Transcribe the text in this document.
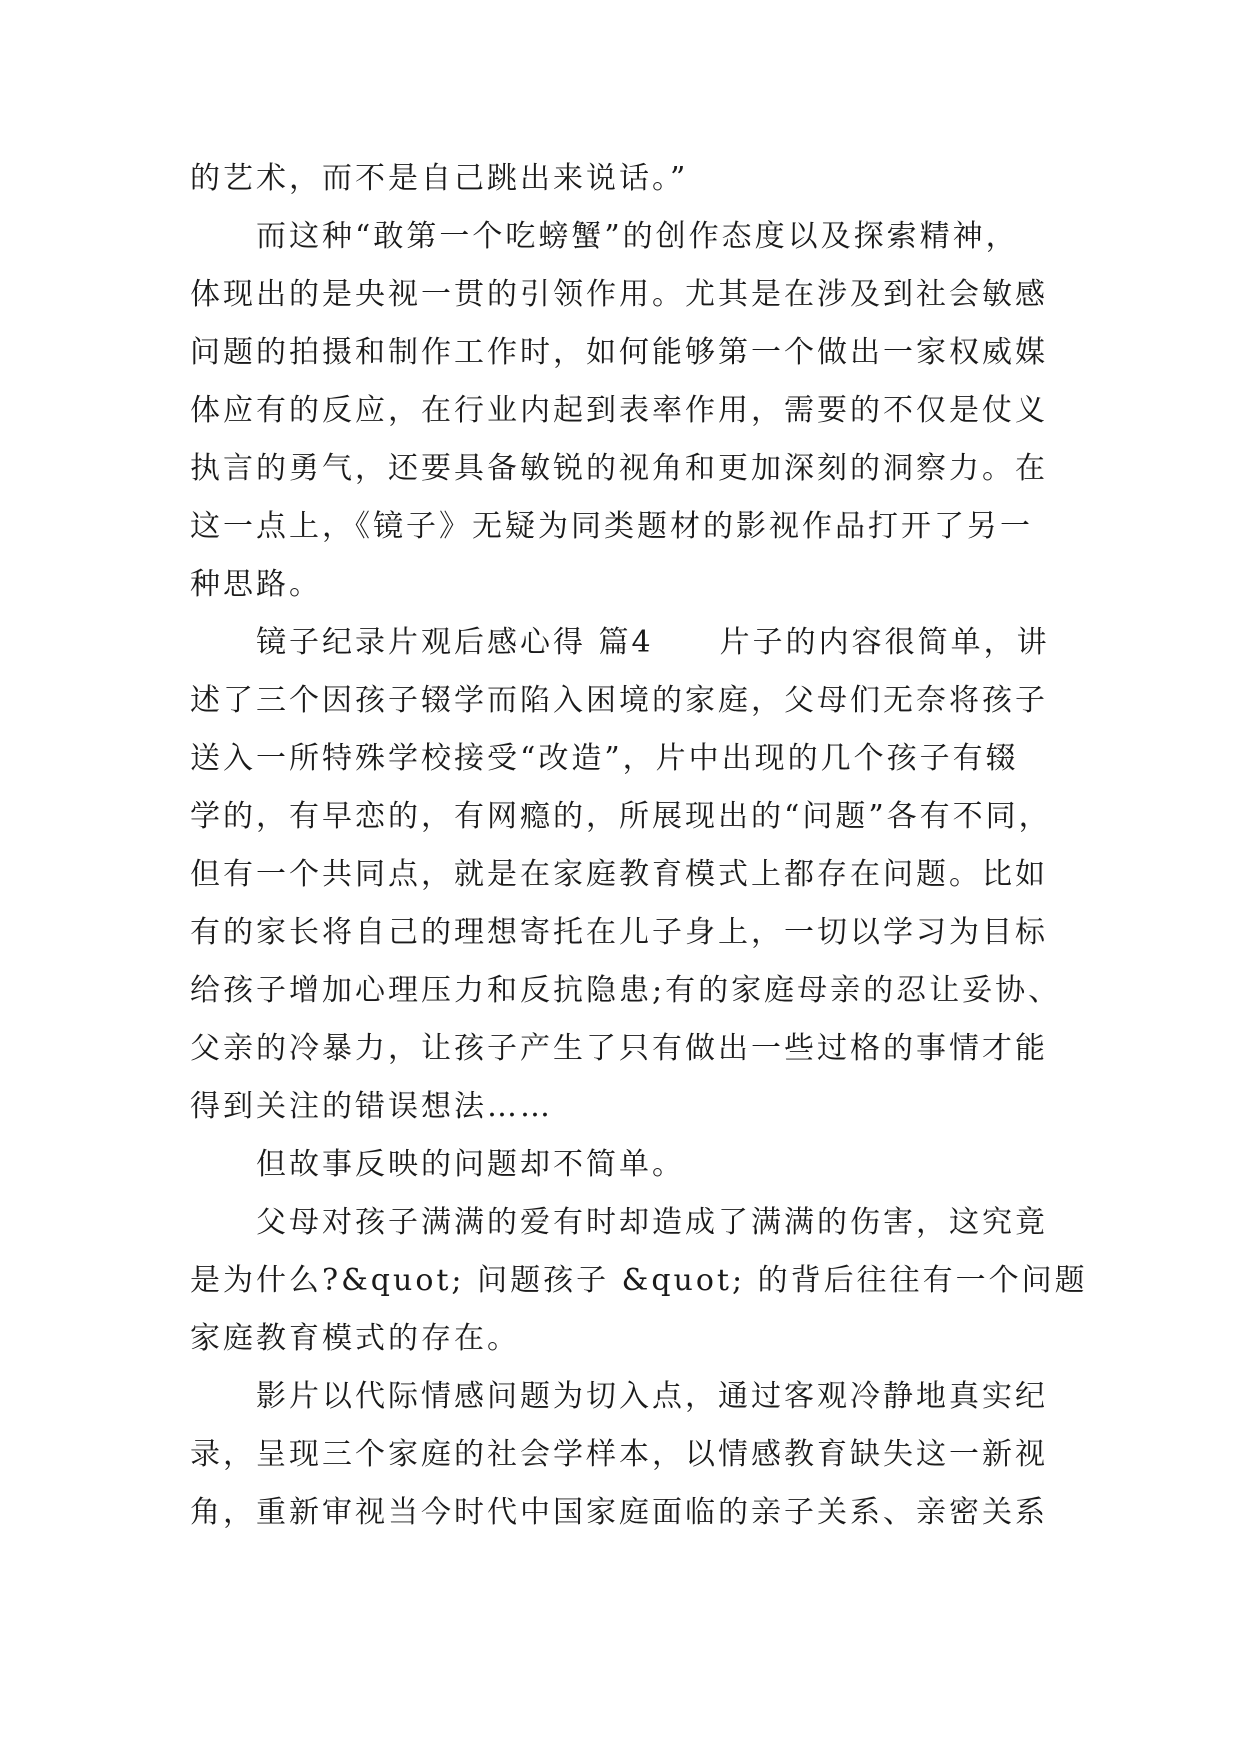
的艺术，而不是自己跳出来说话。”
而这种“敢第一个吃螃蟹”的创作态度以及探索精神，
体现出的是央视一贯的引领作用。尤其是在涉及到社会敏感
问题的拍摄和制作工作时，如何能够第一个做出一家权威媒
体应有的反应，在行业内起到表率作用，需要的不仅是仗义
执言的勇气，还要具备敏锐的视角和更加深刻的洞察力。在
这一点上，《镜子》无疑为同类题材的影视作品打开了另一
种思路。
镜子纪录片观后感心得 篇4　　片子的内容很简单，讲
述了三个因孩子辍学而陷入困境的家庭，父母们无奈将孩子
送入一所特殊学校接受“改造”，片中出现的几个孩子有辍
学的，有早恋的，有网瘾的，所展现出的“问题”各有不同，
但有一个共同点，就是在家庭教育模式上都存在问题。比如
有的家长将自己的理想寄托在儿子身上，一切以学习为目标
给孩子增加心理压力和反抗隐患;有的家庭母亲的忍让妥协、
父亲的冷暴力，让孩子产生了只有做出一些过格的事情才能
得到关注的错误想法……
但故事反映的问题却不简单。
父母对孩子满满的爱有时却造成了满满的伤害，这究竟
是为什么?&quot; 问题孩子 &quot; 的背后往往有一个问题
家庭教育模式的存在。
影片以代际情感问题为切入点，通过客观冷静地真实纪
录，呈现三个家庭的社会学样本，以情感教育缺失这一新视
角，重新审视当今时代中国家庭面临的亲子关系、亲密关系
